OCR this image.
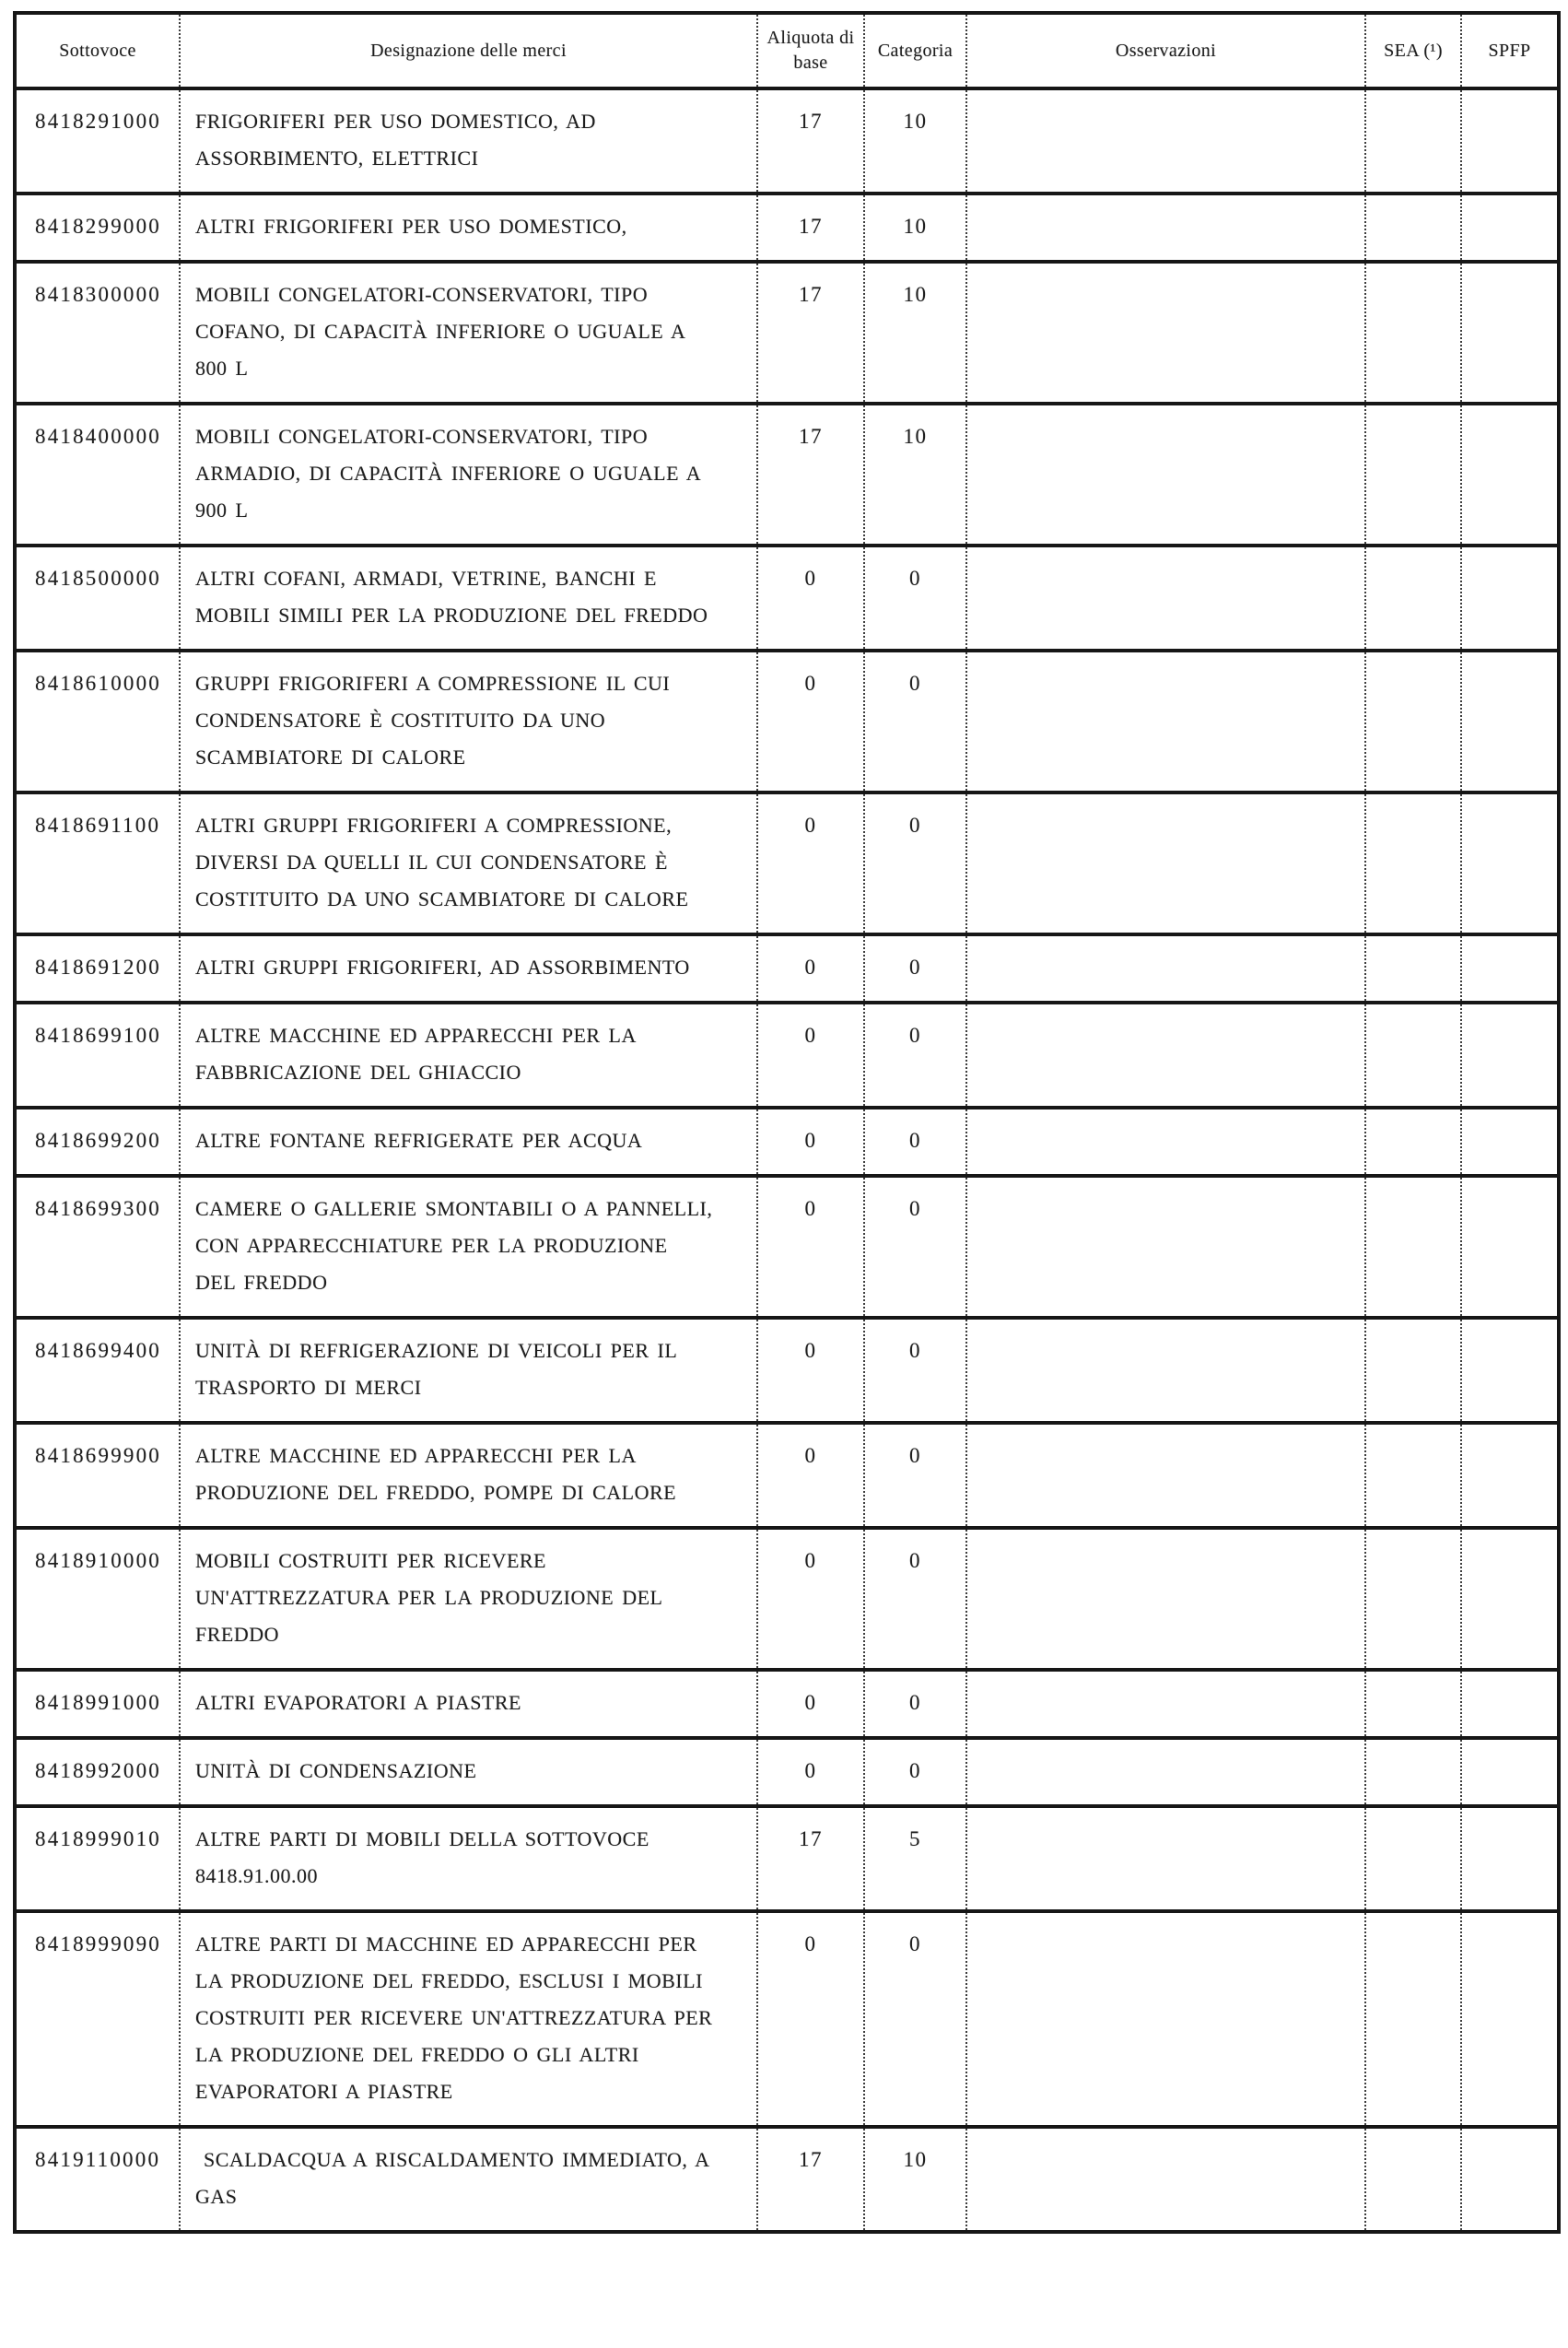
Sottovoce	Designazione delle merci	Aliquota di base	Categoria	Osservazioni	SEA (¹)	SPFP
8418291000	FRIGORIFERI PER USO DOMESTICO, AD ASSORBIMENTO, ELETTRICI	17	10			
8418299000	ALTRI FRIGORIFERI PER USO DOMESTICO,	17	10			
8418300000	MOBILI CONGELATORI-CONSERVATORI, TIPO COFANO, DI CAPACITÀ INFERIORE O UGUALE A 800 L	17	10			
8418400000	MOBILI CONGELATORI-CONSERVATORI, TIPO ARMADIO, DI CAPACITÀ INFERIORE O UGUALE A 900 L	17	10			
8418500000	ALTRI COFANI, ARMADI, VETRINE, BANCHI E MOBILI SIMILI PER LA PRODUZIONE DEL FREDDO	0	0			
8418610000	GRUPPI FRIGORIFERI A COMPRESSIONE IL CUI CONDENSATORE È COSTITUITO DA UNO SCAMBIATORE DI CALORE	0	0			
8418691100	ALTRI GRUPPI FRIGORIFERI A COMPRESSIONE, DIVERSI DA QUELLI IL CUI CONDENSATORE È COSTITUITO DA UNO SCAMBIATORE DI CALORE	0	0			
8418691200	ALTRI GRUPPI FRIGORIFERI, AD ASSORBIMENTO	0	0			
8418699100	ALTRE MACCHINE ED APPARECCHI PER LA FABBRICAZIONE DEL GHIACCIO	0	0			
8418699200	ALTRE FONTANE REFRIGERATE PER ACQUA	0	0			
8418699300	CAMERE O GALLERIE SMONTABILI O A PANNELLI, CON APPARECCHIATURE PER LA PRODUZIONE DEL FREDDO	0	0			
8418699400	UNITÀ DI REFRIGERAZIONE DI VEICOLI PER IL TRASPORTO DI MERCI	0	0			
8418699900	ALTRE MACCHINE ED APPARECCHI PER LA PRODUZIONE DEL FREDDO, POMPE DI CALORE	0	0			
8418910000	MOBILI COSTRUITI PER RICEVERE UN'ATTREZZATURA PER LA PRODUZIONE DEL FREDDO	0	0			
8418991000	ALTRI EVAPORATORI A PIASTRE	0	0			
8418992000	UNITÀ DI CONDENSAZIONE	0	0			
8418999010	ALTRE PARTI DI MOBILI DELLA SOTTOVOCE 8418.91.00.00	17	5			
8418999090	ALTRE PARTI DI MACCHINE ED APPARECCHI PER LA PRODUZIONE DEL FREDDO, ESCLUSI I MOBILI COSTRUITI PER RICEVERE UN'ATTREZZATURA PER LA PRODUZIONE DEL FREDDO O GLI ALTRI EVAPORATORI A PIASTRE	0	0			
8419110000	SCALDACQUA A RISCALDAMENTO IMMEDIATO, A GAS	17	10			
